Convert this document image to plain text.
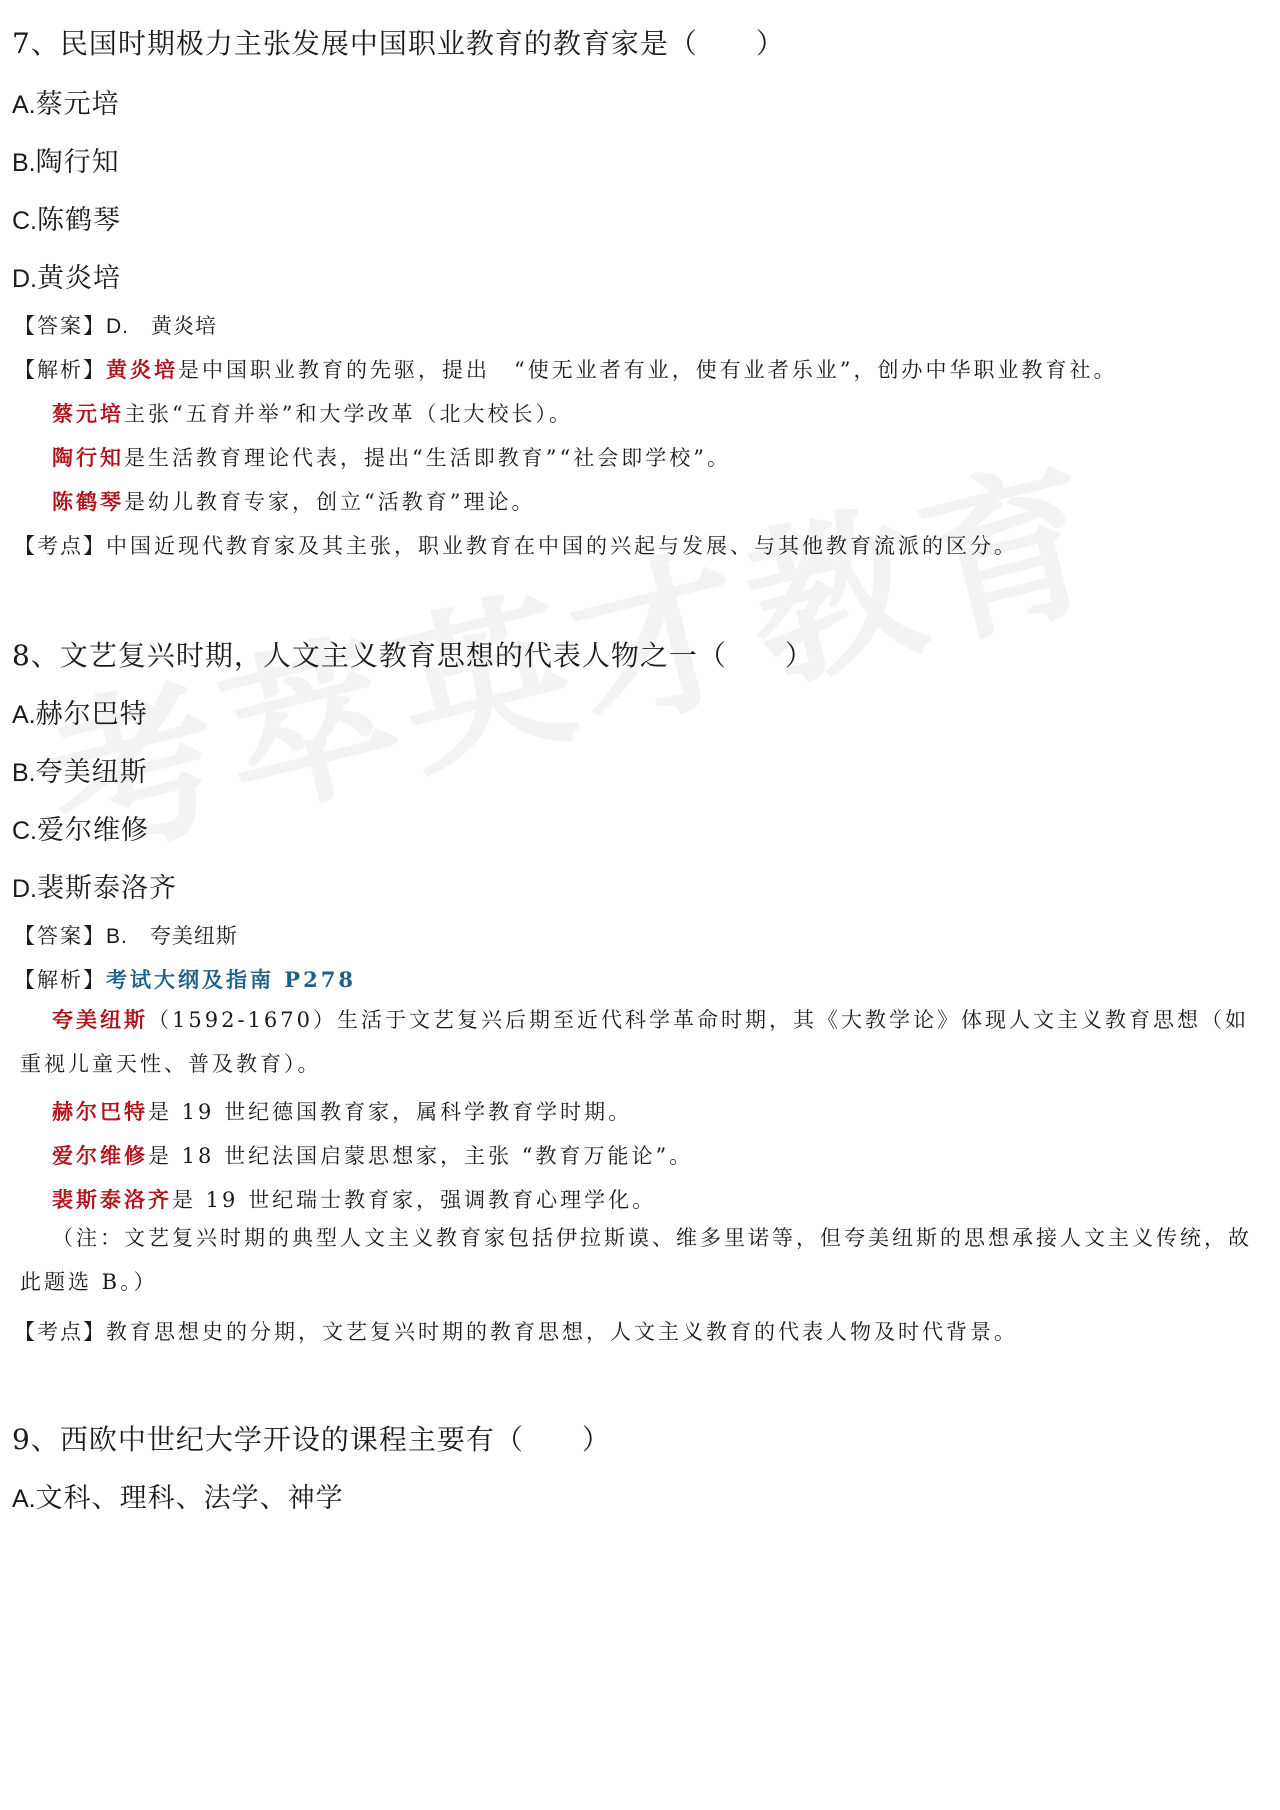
7、民国时期极力主张发展中国职业教育的教育家是（　　）
A.蔡元培
B.陶行知
C.陈鹤琴
D.黄炎培
【答案】D.　黄炎培
【解析】黄炎培是中国职业教育的先驱，提出　“使无业者有业，使有业者乐业”，创办中华职业教育社。
蔡元培主张“五育并举”和大学改革（北大校长）。
陶行知是生活教育理论代表，提出“生活即教育”“社会即学校”。
陈鹤琴是幼儿教育专家，创立“活教育”理论。
【考点】中国近现代教育家及其主张，职业教育在中国的兴起与发展、与其他教育流派的区分。
8、文艺复兴时期，人文主义教育思想的代表人物之一（　　）
A.赫尔巴特
B.夸美纽斯
C.爱尔维修
D.裴斯泰洛齐
【答案】B.　夸美纽斯
【解析】考试大纲及指南 P278
夸美纽斯（1592-1670）生活于文艺复兴后期至近代科学革命时期，其《大教学论》体现人文主义教育思想（如重视儿童天性、普及教育）。
赫尔巴特是 19 世纪德国教育家，属科学教育学时期。
爱尔维修是 18 世纪法国启蒙思想家，主张 “教育万能论”。
裴斯泰洛齐是 19 世纪瑞士教育家，强调教育心理学化。
（注：文艺复兴时期的典型人文主义教育家包括伊拉斯谟、维多里诺等，但夸美纽斯的思想承接人文主义传统，故此题选 B。）
【考点】教育思想史的分期，文艺复兴时期的教育思想，人文主义教育的代表人物及时代背景。
9、西欧中世纪大学开设的课程主要有（　　）
A.文科、理科、法学、神学
